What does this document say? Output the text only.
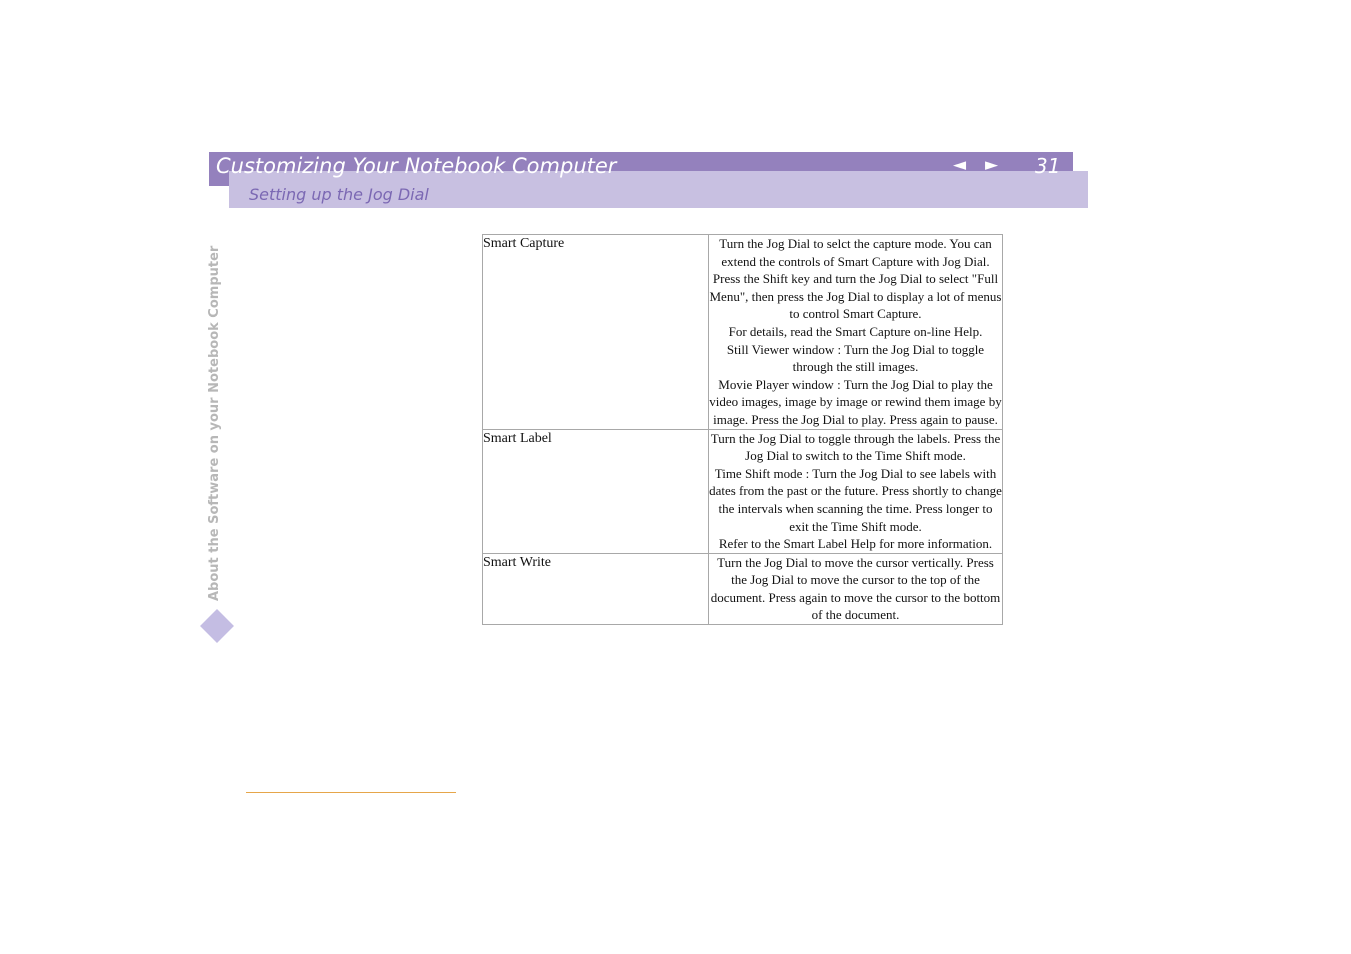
Customizing Your Notebook Computer	◄ ► 31
Setting up the Jog Dial
About the Software on your Notebook Computer
Smart Capture	Turn the Jog Dial to selct the capture mode. You can extend the controls of Smart Capture with Jog Dial.
Press the Shift key and turn the Jog Dial to select "Full Menu", then press the Jog Dial to display a lot of menus to control Smart Capture.
For details, read the Smart Capture on-line Help.
Still Viewer window : Turn the Jog Dial to toggle through the still images.
Movie Player window : Turn the Jog Dial to play the video images, image by image or rewind them image by image. Press the Jog Dial to play. Press again to pause.

Smart Label	Turn the Jog Dial to toggle through the labels. Press the Jog Dial to switch to the Time Shift mode.
Time Shift mode : Turn the Jog Dial to see labels with dates from the past or the future. Press shortly to change the intervals when scanning the time. Press longer to exit the Time Shift mode.
Refer to the Smart Label Help for more information.

Smart Write	Turn the Jog Dial to move the cursor vertically. Press the Jog Dial to move the cursor to the top of the document. Press again to move the cursor to the bottom of the document.
